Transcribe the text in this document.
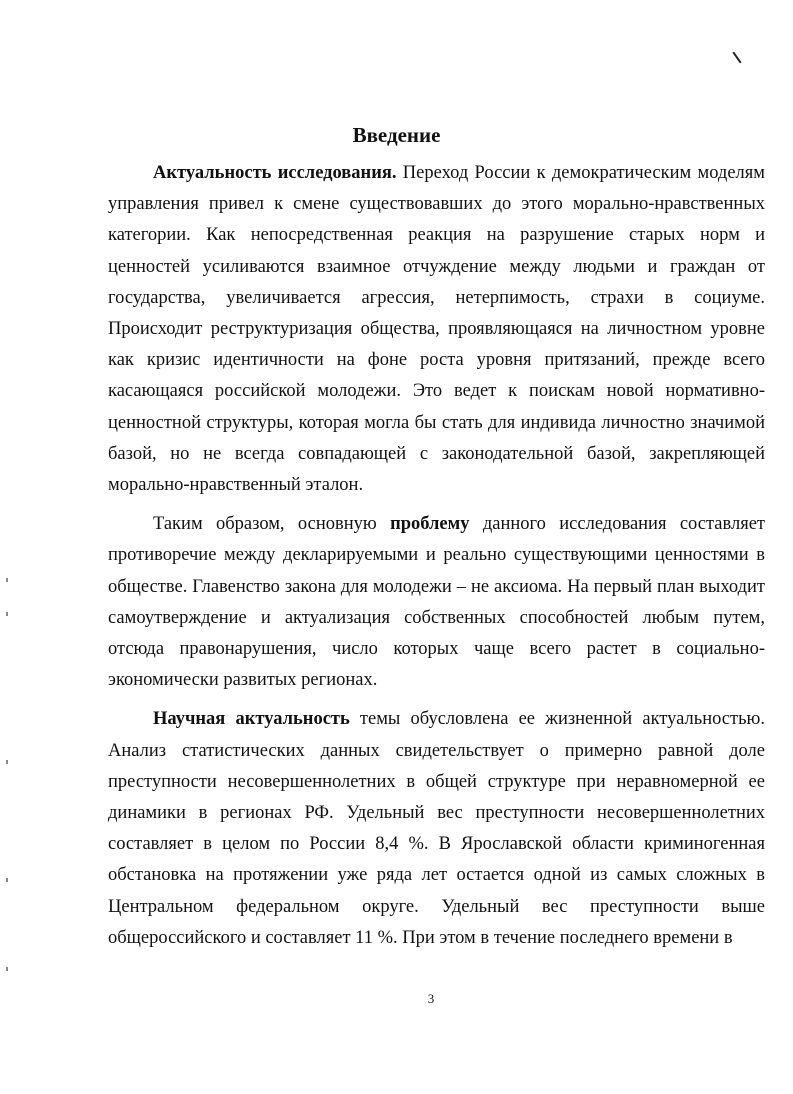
Введение

Актуальность исследования. Переход России к демократическим моделям управления привел к смене существовавших до этого морально-нравственных категории. Как непосредственная реакция на разрушение старых норм и ценностей усиливаются взаимное отчуждение между людьми и граждан от государства, увеличивается агрессия, нетерпимость, страхи в социуме. Происходит реструктуризация общества, проявляющаяся на личностном уровне как кризис идентичности на фоне роста уровня притязаний, прежде всего касающаяся российской молодежи. Это ведет к поискам новой нормативно-ценностной структуры, которая могла бы стать для индивида личностно значимой базой, но не всегда совпадающей с законодательной базой, закрепляющей морально-нравственный эталон.

Таким образом, основную проблему данного исследования составляет противоречие между декларируемыми и реально существующими ценностями в обществе. Главенство закона для молодежи – не аксиома. На первый план выходит самоутверждение и актуализация собственных способностей любым путем, отсюда правонарушения, число которых чаще всего растет в социально-экономически развитых регионах.

Научная актуальность темы обусловлена ее жизненной актуальностью. Анализ статистических данных свидетельствует о примерно равной доле преступности несовершеннолетних в общей структуре при неравномерной ее динамики в регионах РФ. Удельный вес преступности несовершеннолетних составляет в целом по России 8,4 %. В Ярославской области криминогенная обстановка на протяжении уже ряда лет остается одной из самых сложных в Центральном федеральном округе. Удельный вес преступности выше общероссийского и составляет 11 %. При этом в течение последнего времени в

3
